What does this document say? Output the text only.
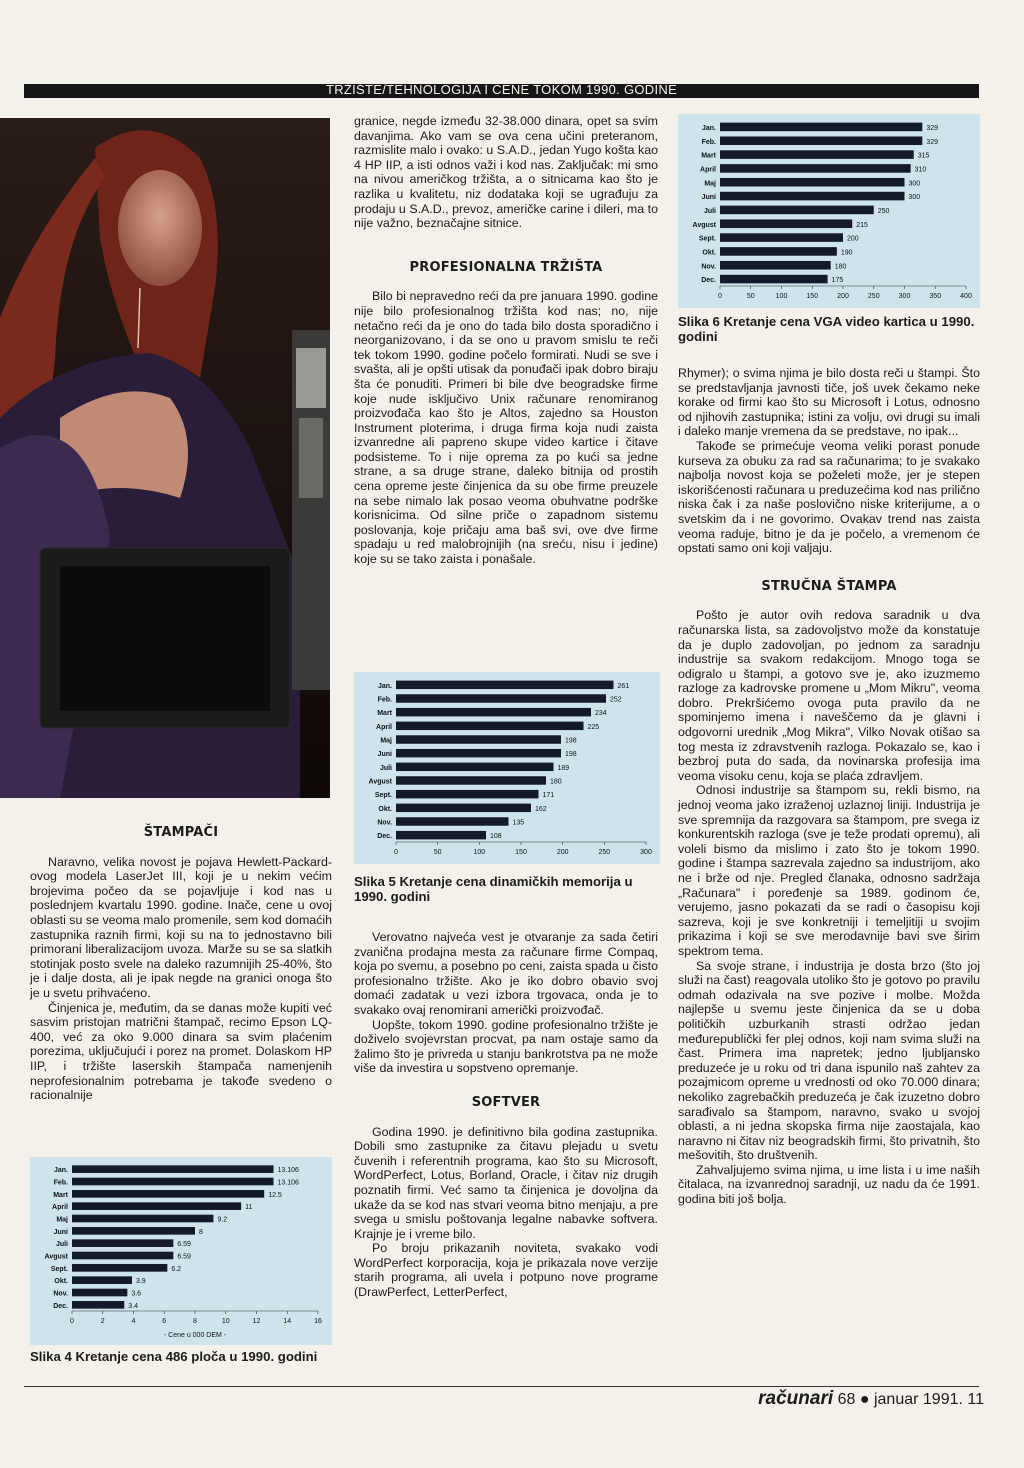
TRŽIŠTE/TEHNOLOGIJA I CENE TOKOM 1990. GODINE
ŠTAMPAČI

Naravno, velika novost je pojava Hewlett-Packard-ovog modela LaserJet III, koji je u nekim većim brojevima počeo da se pojavljuje i kod nas u poslednjem kvartalu 1990. godine. Inače, cene u ovoj oblasti su se veoma malo promenile, sem kod domaćih zastupnika raznih firmi, koji su na to jednostavno bili primorani liberalizacijom uvoza. Marže su se sa slatkih stotinjak posto svele na daleko razumnijih 25-40%, što je i dalje dosta, ali je ipak negde na granici onoga što je u svetu prihvaćeno.

Činjenica je, međutim, da se danas može kupiti već sasvim pristojan matrični štampač, recimo Epson LQ-400, već za oko 9.000 dinara sa svim plaćenim porezima, uključujući i porez na promet. Dolaskom HP IIP, i tržište laserskih štampača namenjenih neprofesionalnim potrebama je takođe svedeno o racionalnije

Jan.	13.106
Feb.	13.106
Mart	12.5
April	11
Maj	9.2
Juni	8
Juli	6.59
Avgust	6.59
Sept.	6.2
Okt.	3.9
Nov.	3.6
Dec.	3.4
0	2	4	6	8	10	12	14	16
- Cene u 000 DEM -
Slika 4 Kretanje cena 486 ploča u 1990. godini

granice, negde između 32-38.000 dinara, opet sa svim davanjima. Ako vam se ova cena učini preteranom, razmislite malo i ovako: u S.A.D., jedan Yugo košta kao 4 HP IIP, a isti odnos važi i kod nas. Zaključak: mi smo na nivou američkog tržišta, a o sitnicama kao što je razlika u kvalitetu, niz dodataka koji se ugrađuju za prodaju u S.A.D., prevoz, američke carine i dileri, ma to nije važno, beznačajne sitnice.

PROFESIONALNA TRŽIŠTA

Bilo bi nepravedno reći da pre januara 1990. godine nije bilo profesionalnog tržišta kod nas; no, nije netačno reći da je ono do tada bilo dosta sporadično i neorganizovano, i da se ono u pravom smislu te reči tek tokom 1990. godine počelo formirati. Nudi se sve i svašta, ali je opšti utisak da ponuđači ipak dobro biraju šta će ponuditi. Primeri bi bile dve beogradske firme koje nude isključivo Unix računare renomiranog proizvođača kao što je Altos, zajedno sa Houston Instrument ploterima, i druga firma koja nudi zaista izvanredne ali papreno skupe video kartice i čitave podsisteme. To i nije oprema za po kući sa jedne strane, a sa druge strane, daleko bitnija od prostih cena opreme jeste činjenica da su obe firme preuzele na sebe nimalo lak posao veoma obuhvatne podrške korisnicima. Od silne priče o zapadnom sistemu poslovanja, koje pričaju ama baš svi, ove dve firme spadaju u red malobrojnijih (na sreću, nisu i jedine) koje su se tako zaista i ponašale.

Jan.	261
Feb.	252
Mart	234
April	225
Maj	198
Juni	198
Juli	189
Avgust	180
Sept.	171
Okt.	162
Nov.	135
Dec.	108
0	50	100	150	200	250	300
Slika 5 Kretanje cena dinamičkih memorija u 1990. godini

Verovatno najveća vest je otvaranje za sada četiri zvanična prodajna mesta za računare firme Compaq, koja po svemu, a posebno po ceni, zaista spada u čisto profesionalno tržište. Ako je iko dobro obavio svoj domaći zadatak u vezi izbora trgovaca, onda je to svakako ovaj renomirani američki proizvođač.

Uopšte, tokom 1990. godine profesionalno tržište je doživelo svojevrstan procvat, pa nam ostaje samo da žalimo što je privreda u stanju bankrotstva pa ne može više da investira u sopstveno opremanje.

SOFTVER

Godina 1990. je definitivno bila godina zastupnika. Dobili smo zastupnike za čitavu plejadu u svetu čuvenih i referentnih programa, kao što su Microsoft, WordPerfect, Lotus, Borland, Oracle, i čitav niz drugih poznatih firmi. Već samo ta činjenica je dovoljna da ukaže da se kod nas stvari veoma bitno menjaju, a pre svega u smislu poštovanja legalne nabavke softvera. Krajnje je i vreme bilo.

Po broju prikazanih noviteta, svakako vodi WordPerfect korporacija, koja je prikazala nove verzije starih programa, ali uvela i potpuno nove programe (DrawPerfect, LetterPerfect,

Jan.	329
Feb.	329
Mart	315
April	310
Maj	300
Juni	300
Juli	250
Avgust	215
Sept.	200
Okt.	190
Nov.	180
Dec.	175
0	50	100	150	200	250	300	350	400
Slika 6 Kretanje cena VGA video kartica u 1990. godini

Rhymer); o svima njima je bilo dosta reči u štampi. Što se predstavljanja javnosti tiče, još uvek čekamo neke korake od firmi kao što su Microsoft i Lotus, odnosno od njihovih zastupnika; istini za volju, ovi drugi su imali i daleko manje vremena da se predstave, no ipak...

Takođe se primećuje veoma veliki porast ponude kurseva za obuku za rad sa računarima; to je svakako najbolja novost koja se poželeti može, jer je stepen iskorišćenosti računara u preduzećima kod nas prilično niska čak i za naše poslovično niske kriterijume, a o svetskim da i ne govorimo. Ovakav trend nas zaista veoma raduje, bitno je da je počelo, a vremenom će opstati samo oni koji valjaju.

STRUČNA ŠTAMPA

Pošto je autor ovih redova saradnik u dva računarska lista, sa zadovoljstvo može da konstatuje da je duplo zadovoljan, po jednom za saradnju industrije sa svakom redakcijom. Mnogo toga se odigralo u štampi, a gotovo sve je, ako izuzmemo razloge za kadrovske promene u „Mom Mikru", veoma dobro. Prekršićemo ovoga puta pravilo da ne spominjemo imena i naveščemo da je glavni i odgovorni urednik „Mog Mikra", Vilko Novak otišao sa tog mesta iz zdravstvenih razloga. Pokazalo se, kao i bezbroj puta do sada, da novinarska profesija ima veoma visoku cenu, koja se plaća zdravljem.

Odnosi industrije sa štampom su, rekli bismo, na jednoj veoma jako izraženoj uzlaznoj liniji. Industrija je sve spremnija da razgovara sa štampom, pre svega iz konkurentskih razloga (sve je teže prodati opremu), ali voleli bismo da mislimo i zato što je tokom 1990. godine i štampa sazrevala zajedno sa industrijom, ako ne i brže od nje. Pregled članaka, odnosno sadržaja „Računara" i poređenje sa 1989. godinom će, verujemo, jasno pokazati da se radi o časopisu koji sazreva, koji je sve konkretniji i temeljitiji u svojim prikazima i koji se sve merodavnije bavi sve širim spektrom tema.

Sa svoje strane, i industrija je dosta brzo (što joj služi na čast) reagovala utoliko što je gotovo po pravilu odmah odazivala na sve pozive i molbe. Možda najlepše u svemu jeste činjenica da se u doba političkih uzburkanih strasti održao jedan međurepublički fer plej odnos, koji nam svima služi na čast. Primera ima napretek; jedno ljubljansko preduzeće je u roku od tri dana ispunilo naš zahtev za pozajmicom opreme u vrednosti od oko 70.000 dinara; nekoliko zagrebačkih preduzeća je čak izuzetno dobro sarađivalo sa štampom, naravno, svako u svojoj oblasti, a ni jedna skopska firma nije zaostajala, kao naravno ni čitav niz beogradskih firmi, što privatnih, što mešovitih, što društvenih.

Zahvaljujemo svima njima, u ime lista i u ime naših čitalaca, na izvanrednoj saradnji, uz nadu da će 1991. godina biti još bolja.

računari 68 ● januar 1991. 11
